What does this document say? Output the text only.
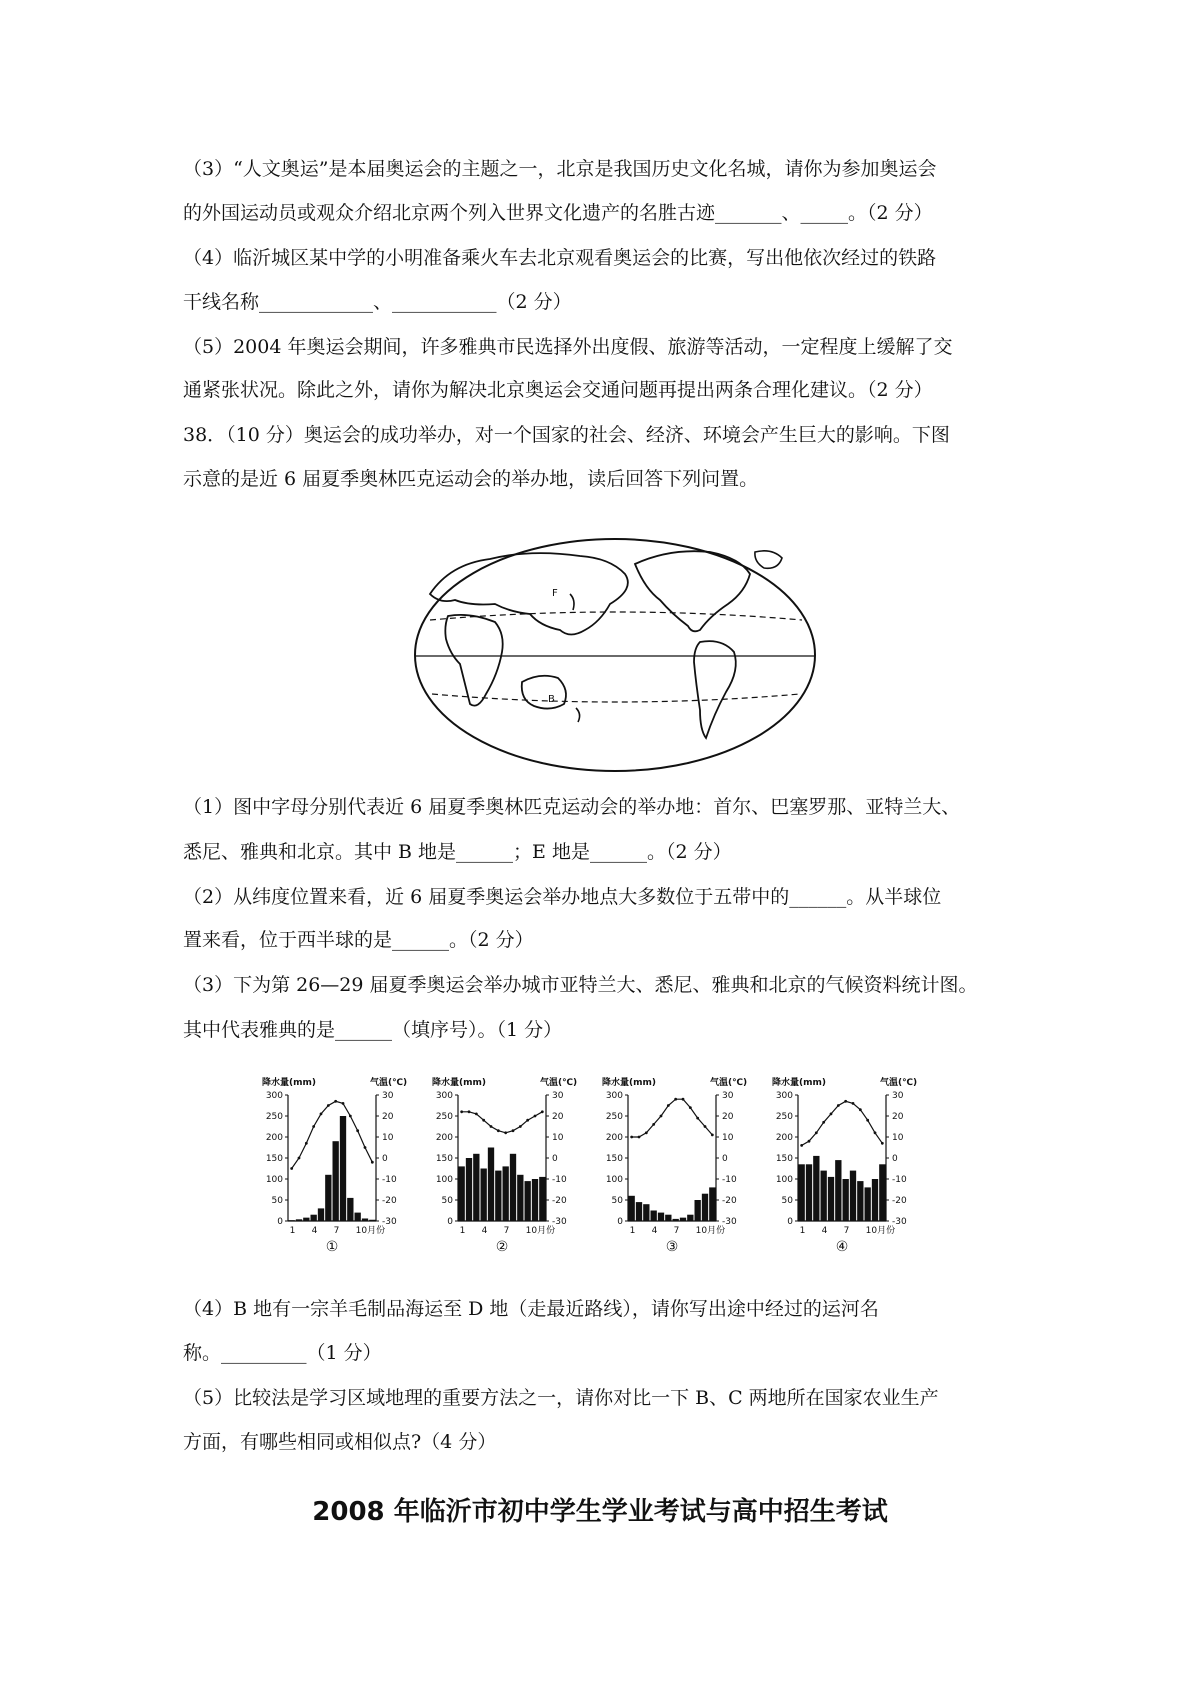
（3）“人文奥运”是本届奥运会的主题之一，北京是我国历史文化名城，请你为参加奥运会
的外国运动员或观众介绍北京两个列入世界文化遗产的名胜古迹_______、_____。（2 分）
（4）临沂城区某中学的小明准备乘火车去北京观看奥运会的比赛，写出他依次经过的铁路
干线名称____________、___________（2 分）
（5）2004 年奥运会期间，许多雅典市民选择外出度假、旅游等活动，一定程度上缓解了交
通紧张状况。除此之外，请你为解决北京奥运会交通问题再提出两条合理化建议。（2 分）
38．（10 分）奥运会的成功举办，对一个国家的社会、经济、环境会产生巨大的影响。下图
示意的是近 6 届夏季奥林匹克运动会的举办地，读后回答下列问置。
F
B
（1）图中字母分别代表近 6 届夏季奥林匹克运动会的举办地：首尔、巴塞罗那、亚特兰大、
悉尼、雅典和北京。其中 B 地是______；E 地是______。（2 分）
（2）从纬度位置来看，近 6 届夏季奥运会举办地点大多数位于五带中的______。从半球位
置来看，位于西半球的是______。（2 分）
（3）下为第 26—29 届夏季奥运会举办城市亚特兰大、悉尼、雅典和北京的气候资料统计图。
其中代表雅典的是______（填序号）。（1 分）
降水量(mm)	气温(℃)
300
250
200
150
100
50
0
30
20
10
0
-10
-20
-30
1 4 7 10月份
①
降水量(mm)	气温(℃)
300
250
200
150
100
50
0
30
20
10
0
-10
-20
-30
1 4 7 10月份
②
降水量(mm)	气温(℃)
300
250
200
150
100
50
0
30
20
10
0
-10
-20
-30
1 4 7 10月份
③
降水量(mm)	气温(℃)
300
250
200
150
100
50
0
30
20
10
0
-10
-20
-30
1 4 7 10月份
④
（4）B 地有一宗羊毛制品海运至 D 地（走最近路线），请你写出途中经过的运河名
称。_________（1 分）
（5）比较法是学习区域地理的重要方法之一，请你对比一下 B、C 两地所在国家农业生产
方面，有哪些相同或相似点?（4 分）
2008 年临沂市初中学生学业考试与高中招生考试
